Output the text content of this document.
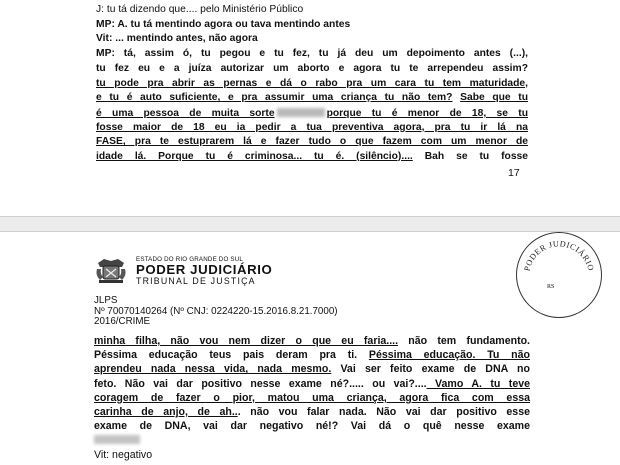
J: tu tá dizendo que.... pelo Ministério Público
MP: A. tu tá mentindo agora ou tava mentindo antes
Vit: ... mentindo antes, não agora
MP: tá, assim ó, tu pegou e tu fez, tu já deu um depoimento antes (...),
tu fez eu e a juíza autorizar um aborto e agora tu te arrependeu assim?
tu pode pra abrir as pernas e dá o rabo pra um cara tu tem maturidade,
e tu é auto suficiente, e pra assumir uma criança tu não tem? Sabe que tu
é uma pessoa de muita sorte	porque tu é menor de 18, se tu
fosse maior de 18 eu ia pedir a tua preventiva agora, pra tu ir lá na
FASE, pra te estuprarem lá e fazer tudo o que fazem com um menor de
idade lá. Porque tu é criminosa... tu é. (silêncio).... Bah se tu fosse
17
ESTADO DO RIO GRANDE DO SUL
PODER JUDICIÁRIO
TRIBUNAL DE JUSTIÇA
PODER JUDICIÁRIO
RS
JLPS
Nº 70070140264 (Nº CNJ: 0224220-15.2016.8.21.7000)
2016/CRIME
minha filha, não vou nem dizer o que eu faria.... não tem fundamento.
Péssima educação teus pais deram pra ti. Péssima educação. Tu não
aprendeu nada nessa vida, nada mesmo. Vai ser feito exame de DNA no
feto. Não vai dar positivo nesse exame né?..... ou vai?.... Vamo A. tu teve
coragem de fazer o pior, matou uma criança, agora fica com essa
carinha de anjo, de ah... não vou falar nada. Não vai dar positivo esse
exame de DNA, vai dar negativo né!? Vai dá o quê nesse exame
Vit: negativo
